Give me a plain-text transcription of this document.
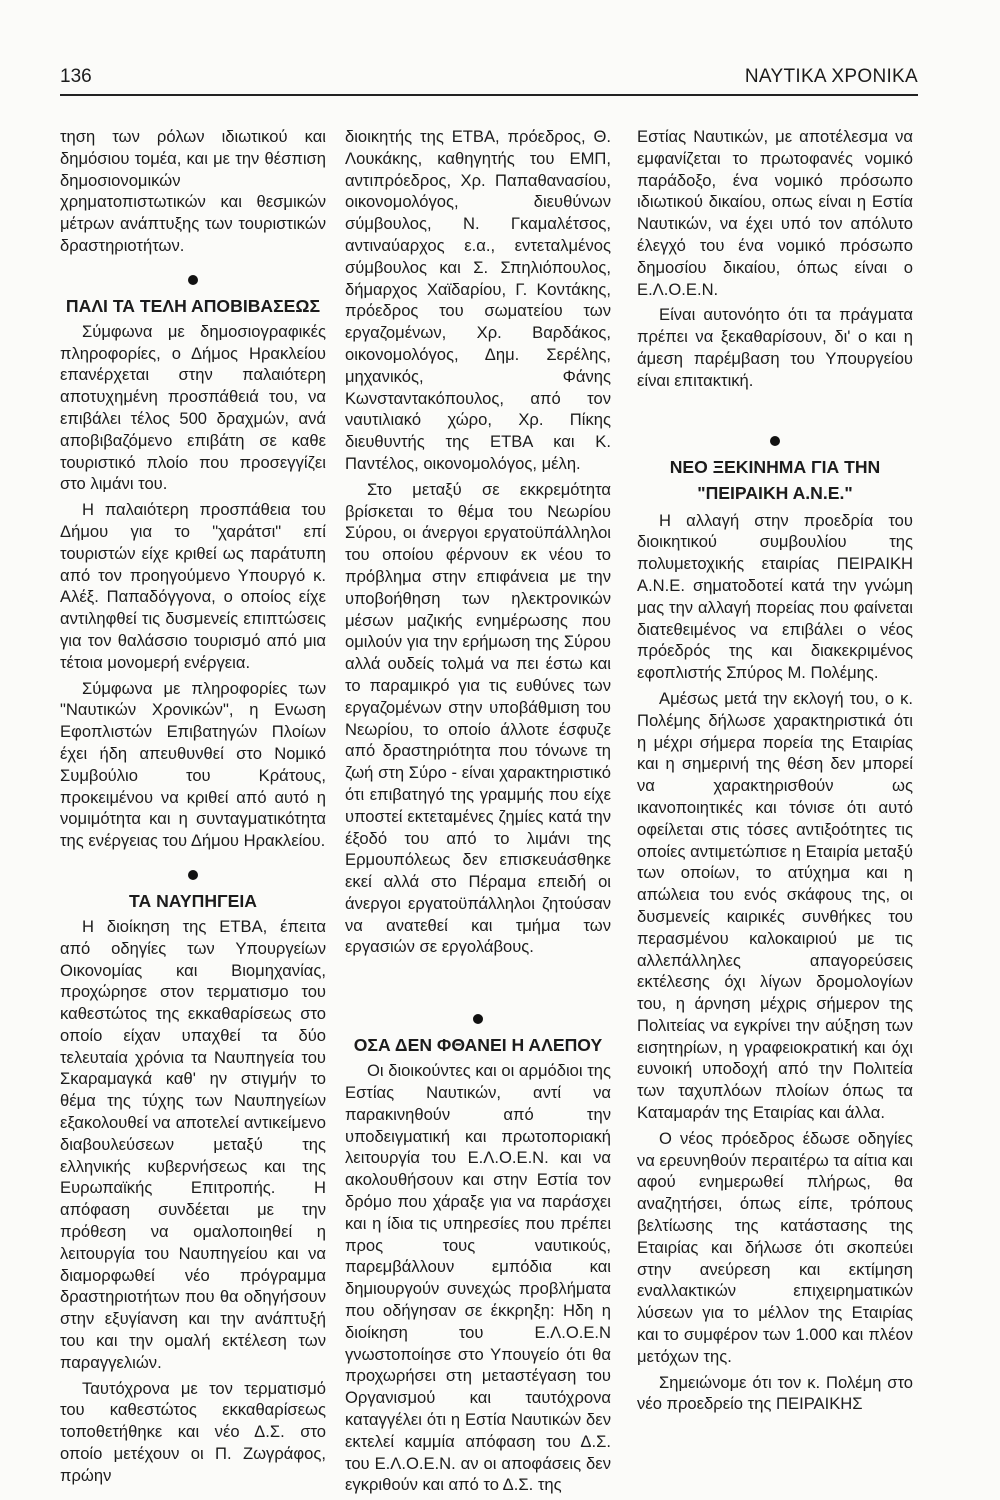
136	ΝΑΥΤΙΚΑ ΧΡΟΝΙΚΑ

τηση των ρόλων ιδιωτικού και δημόσιου τομέα, και με την θέσπιση δημοσιονομικών χρηματοπιστωτικών και θεσμικών μέτρων ανάπτυξης των τουριστικών δραστηριοτήτων.

ΠΑΛΙ ΤΑ ΤΕΛΗ ΑΠΟΒΙΒΑΣΕΩΣ

Σύμφωνα με δημοσιογραφικές πληροφορίες, ο Δήμος Ηρακλείου επανέρχεται στην παλαιότερη αποτυχημένη προσπάθειά του, να επιβάλει τέλος 500 δραχμών, ανά αποβιβαζόμενο επιβάτη σε καθε τουριστικό πλοίο που προσεγγίζει στο λιμάνι του.

Η παλαιότερη προσπάθεια του Δήμου για το "χαράτσι" επί τουριστών είχε κριθεί ως παράτυπη από τον προηγούμενο Υπουργό κ. Αλέξ. Παπαδόγγονα, ο οποίος είχε αντιληφθεί τις δυσμενείς επιπτώσεις για τον θαλάσσιο τουρισμό από μια τέτοια μονομερή ενέργεια.

Σύμφωνα με πληροφορίες των "Ναυτικών Χρονικών", η Ενωση Εφοπλιστών Επιβατηγών Πλοίων έχει ήδη απευθυνθεί στο Νομικό Συμβούλιο του Κράτους, προκειμένου να κριθεί από αυτό η νομιμότητα και η συνταγματικότητα της ενέργειας του Δήμου Ηρακλείου.

ΤΑ ΝΑΥΠΗΓΕΙΑ

Η διοίκηση της ΕΤΒΑ, έπειτα από οδηγίες των Υπουργείων Οικονομίας και Βιομηχανίας, προχώρησε στον τερματισμο του καθεστώτος της εκκαθαρίσεως στο οποίο είχαν υπαχθεί τα δύο τελευταία χρόνια τα Ναυπηγεία του Σκαραμαγκά καθ' ην στιγμήν το θέμα της τύχης των Ναυπηγείων εξακολουθεί να αποτελεί αντικείμενο διαβουλεύσεων μεταξύ της ελληνικής κυβερνήσεως και της Ευρωπαϊκής Επιτροπής. Η απόφαση συνδέεται με την πρόθεση να ομαλοποιηθεί η λειτουργία του Ναυπηγείου και να διαμορφωθεί νέο πρόγραμμα δραστηριοτήτων που θα οδηγήσουν στην εξυγίανση και την ανάπτυξή του και την ομαλή εκτέλεση των παραγγελιών.

Ταυτόχρονα με τον τερματισμό του καθεστώτος εκκαθαρίσεως τοποθετήθηκε και νέο Δ.Σ. στο οποίο μετέχουν οι Π. Ζωγράφος, πρώην

διοικητής της ΕΤΒΑ, πρόεδρος, Θ. Λουκάκης, καθηγητής του ΕΜΠ, αντιπρόεδρος, Χρ. Παπαθανασίου, οικονομολόγος, διευθύνων σύμβουλος, Ν. Γκαμαλέτσος, αντιναύαρχος ε.α., εντεταλμένος σύμβουλος και Σ. Σπηλιόπουλος, δήμαρχος Χαϊδαρίου, Γ. Κοντάκης, πρόεδρος του σωματείου των εργαζομένων, Χρ. Βαρδάκος, οικονομολόγος, Δημ. Σερέλης, μηχανικός, Φάνης Κωνσταντακόπουλος, από τον ναυτιλιακό χώρο, Χρ. Πίκης διευθυντής της ΕΤΒΑ και Κ. Παντέλος, οικονομολόγος, μέλη.

Στο μεταξύ σε εκκρεμότητα βρίσκεται το θέμα του Νεωρίου Σύρου, οι άνεργοι εργατοϋπάλληλοι του οποίου φέρνουν εκ νέου το πρόβλημα στην επιφάνεια με την υποβοήθηση των ηλεκτρονικών μέσων μαζικής ενημέρωσης που ομιλούν για την ερήμωση της Σύρου αλλά ουδείς τολμά να πει έστω και το παραμικρό για τις ευθύνες των εργαζομένων στην υποβάθμιση του Νεωρίου, το οποίο άλλοτε έσφυζε από δραστηριότητα που τόνωνε τη ζωή στη Σύρο - είναι χαρακτηριστικό ότι επιβατηγό της γραμμής που είχε υποστεί εκτεταμένες ζημίες κατά την έξοδό του από το λιμάνι της Ερμουπόλεως δεν επισκευάσθηκε εκεί αλλά στο Πέραμα επειδή οι άνεργοι εργατοϋπάλληλοι ζητούσαν να ανατεθεί και τμήμα των εργασιών σε εργολάβους.

ΟΣΑ ΔΕΝ ΦΘΑΝΕΙ Η ΑΛΕΠΟΥ

Οι διοικούντες και οι αρμόδιοι της Εστίας Ναυτικών, αντί να παρακινηθούν από την υποδειγματική και πρωτοποριακή λειτουργία του Ε.Λ.Ο.Ε.Ν. και να ακολουθήσουν και στην Εστία τον δρόμο που χάραξε για να παράσχει και η ίδια τις υπηρεσίες που πρέπει προς τους ναυτικούς, παρεμβάλλουν εμπόδια και δημιουργούν συνεχώς προβλήματα που οδήγησαν σε έκκρηξη: Ηδη η διοίκηση του Ε.Λ.Ο.Ε.Ν γνωστοποίησε στο Υπουγείο ότι θα προχωρήσει στη μεταστέγαση του Οργανισμού και ταυτόχρονα καταγγέλει ότι η Εστία Ναυτικών δεν εκτελεί καμμία απόφαση του Δ.Σ. του Ε.Λ.Ο.Ε.Ν. αν οι αποφάσεις δεν εγκριθούν και από το Δ.Σ. της

Εστίας Ναυτικών, με αποτέλεσμα να εμφανίζεται το πρωτοφανές νομικό παράδοξο, ένα νομικό πρόσωπο ιδιωτικού δικαίου, οπως είναι η Εστία Ναυτικών, να έχει υπό τον απόλυτο έλεγχό του ένα νομικό πρόσωπο δημοσίου δικαίου, όπως είναι ο Ε.Λ.Ο.Ε.Ν.

Είναι αυτονόητο ότι τα πράγματα πρέπει να ξεκαθαρίσουν, δι' ο και η άμεση παρέμβαση του Υπουργείου είναι επιτακτική.

ΝΕΟ ΞΕΚΙΝΗΜΑ ΓΙΑ ΤΗΝ
"ΠΕΙΡΑΙΚΗ Α.Ν.Ε."

Η αλλαγή στην προεδρία του διοικητικού συμβουλίου της πολυμετοχικής εταιρίας ΠΕΙΡΑΙΚΗ Α.Ν.Ε. σηματοδοτεί κατά την γνώμη μας την αλλαγή πορείας που φαίνεται διατεθειμένος να επιβάλει ο νέος πρόεδρός της και διακεκριμένος εφοπλιστής Σπύρος Μ. Πολέμης.

Αμέσως μετά την εκλογή του, ο κ. Πολέμης δήλωσε χαρακτηριστικά ότι η μέχρι σήμερα πορεία της Εταιρίας και η σημερινή της θέση δεν μπορεί να χαρακτηρισθούν ως ικανοποιητικές και τόνισε ότι αυτό οφείλεται στις τόσες αντιξοότητες τις οποίες αντιμετώπισε η Εταιρία μεταξύ των οποίων, το ατύχημα και η απώλεια του ενός σκάφους της, οι δυσμενείς καιρικές συνθήκες του περασμένου καλοκαιριού με τις αλλεπάλληλες απαγορεύσεις εκτέλεσης όχι λίγων δρομολογίων του, η άρνηση μέχρις σήμερον της Πολιτείας να εγκρίνει την αύξηση των εισητηρίων, η γραφειοκρατική και όχι ευνοική υποδοχή από την Πολιτεία των ταχυπλόων πλοίων όπως τα Καταμαράν της Εταιρίας και άλλα.

Ο νέος πρόεδρος έδωσε οδηγίες να ερευνηθούν περαιτέρω τα αίτια και αφού ενημερωθεί πλήρως, θα αναζητήσει, όπως είπε, τρόπους βελτίωσης της κατάστασης της Εταιρίας και δήλωσε ότι σκοπεύει στην ανεύρεση και εκτίμηση εναλλακτικών επιχειρηματικών λύσεων για το μέλλον της Εταιρίας και το συμφέρον των 1.000 και πλέον μετόχων της.

Σημειώνομε ότι τον κ. Πολέμη στο νέο προεδρείο της ΠΕΙΡΑΙΚΗΣ
